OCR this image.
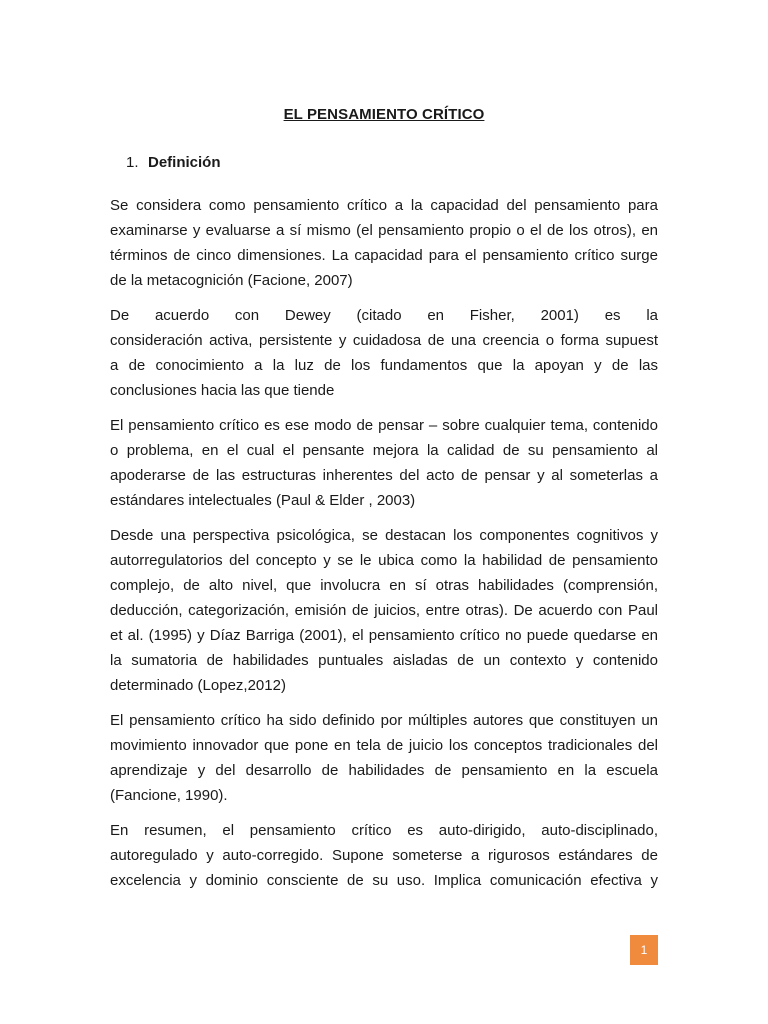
EL PENSAMIENTO CRÍTICO
1. Definición
Se considera como pensamiento crítico a la capacidad del pensamiento para
examinarse y evaluarse a sí mismo (el pensamiento propio o el de los otros), en
términos de cinco dimensiones. La capacidad para el pensamiento crítico surge
de la metacognición (Facione, 2007)
De acuerdo con Dewey (citado en Fisher, 2001) es la
consideración activa, persistente y cuidadosa de una creencia o forma supuest
a de conocimiento a la luz de los fundamentos que la apoyan y de las
conclusiones hacia las que tiende
El pensamiento crítico es ese modo de pensar – sobre cualquier tema, contenido
o problema, en el cual el pensante mejora la calidad de su pensamiento al
apoderarse de las estructuras inherentes del acto de pensar y al someterlas a
estándares intelectuales (Paul & Elder , 2003)
Desde una perspectiva psicológica, se destacan los componentes cognitivos y
autorregulatorios del concepto y se le ubica como la habilidad de pensamiento
complejo, de alto nivel, que involucra en sí otras habilidades (comprensión,
deducción, categorización, emisión de juicios, entre otras). De acuerdo con Paul
et al. (1995) y Díaz Barriga (2001), el pensamiento crítico no puede quedarse en
la sumatoria de habilidades puntuales aisladas de un contexto y contenido
determinado (Lopez,2012)
El pensamiento crítico ha sido definido por múltiples autores que constituyen un
movimiento innovador que pone en tela de juicio los conceptos tradicionales del
aprendizaje y del desarrollo de habilidades de pensamiento en la escuela
(Fancione, 1990).
En resumen, el pensamiento crítico es auto-dirigido, auto-disciplinado,
autoregulado y auto-corregido. Supone someterse a rigurosos estándares de
excelencia y dominio consciente de su uso. Implica comunicación efectiva y
1
